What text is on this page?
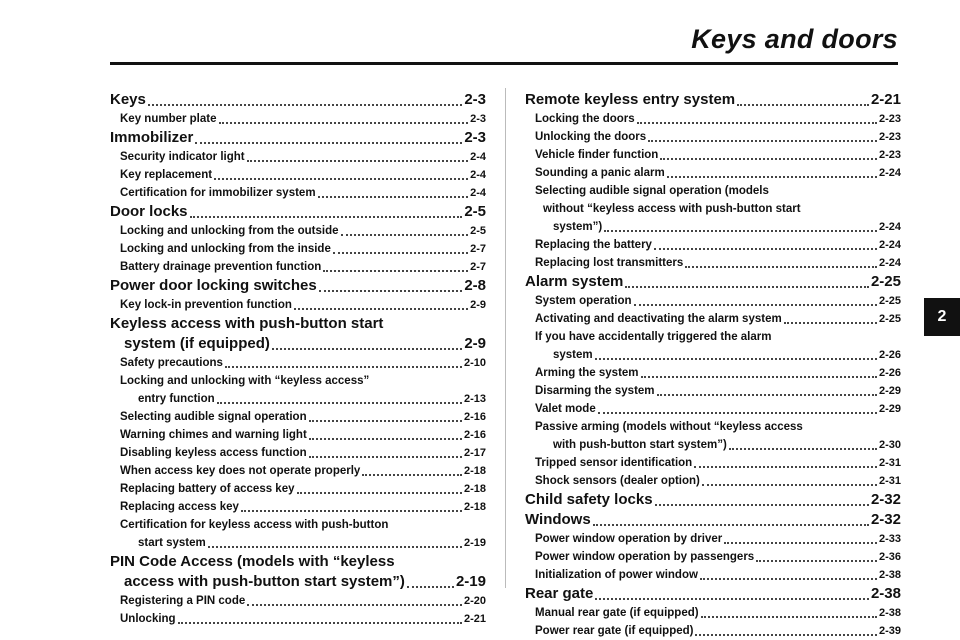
Keys and doors
2
Keys	2-3
Key number plate	2-3
Immobilizer	2-3
Security indicator light	2-4
Key replacement	2-4
Certification for immobilizer system	2-4
Door locks	2-5
Locking and unlocking from the outside	2-5
Locking and unlocking from the inside	2-7
Battery drainage prevention function	2-7
Power door locking switches	2-8
Key lock-in prevention function	2-9
Keyless access with push-button start
system (if equipped)	2-9
Safety precautions	2-10
Locking and unlocking with “keyless access”
entry function	2-13
Selecting audible signal operation	2-16
Warning chimes and warning light	2-16
Disabling keyless access function	2-17
When access key does not operate properly	2-18
Replacing battery of access key	2-18
Replacing access key	2-18
Certification for keyless access with push-button
start system	2-19
PIN Code Access (models with “keyless
access with push-button start system”)	2-19
Registering a PIN code	2-20
Unlocking	2-21
Remote keyless entry system	2-21
Locking the doors	2-23
Unlocking the doors	2-23
Vehicle finder function	2-23
Sounding a panic alarm	2-24
Selecting audible signal operation (models
without “keyless access with push-button start
system”)	2-24
Replacing the battery	2-24
Replacing lost transmitters	2-24
Alarm system	2-25
System operation	2-25
Activating and deactivating the alarm system	2-25
If you have accidentally triggered the alarm
system	2-26
Arming the system	2-26
Disarming the system	2-29
Valet mode	2-29
Passive arming (models without “keyless access
with push-button start system”)	2-30
Tripped sensor identification	2-31
Shock sensors (dealer option)	2-31
Child safety locks	2-32
Windows	2-32
Power window operation by driver	2-33
Power window operation by passengers	2-36
Initialization of power window	2-38
Rear gate	2-38
Manual rear gate (if equipped)	2-38
Power rear gate (if equipped)	2-39
